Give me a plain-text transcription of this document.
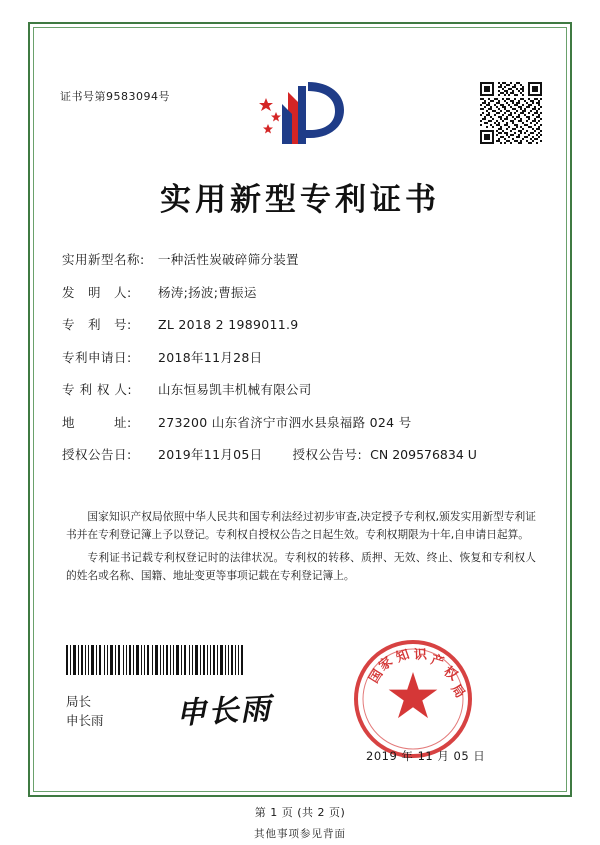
证书号第9583094号
实用新型专利证书
实用新型名称:	一种活性炭破碎筛分装置
发　明　人:	杨涛;扬波;曹振运
专　利　号:	ZL 2018 2 1989011.9
专利申请日:	2018年11月28日
专 利 权 人:	山东恒易凯丰机械有限公司
地　　　址:	273200 山东省济宁市泗水县泉福路 024 号
授权公告日:	2019年11月05日 授权公告号: CN 209576834 U

国家知识产权局依照中华人民共和国专利法经过初步审查,决定授予专利权,颁发实用新型专利证书并在专利登记簿上予以登记。专利权自授权公告之日起生效。专利权期限为十年,自申请日起算。

专利证书记载专利权登记时的法律状况。专利权的转移、质押、无效、终止、恢复和专利权人的姓名或名称、国籍、地址变更等事项记载在专利登记簿上。

国
家
知 识 产
权
局
局长
申长雨 申长雨
2019 年 11 月 05 日
第 1 页 (共 2 页)
其他事项参见背面
